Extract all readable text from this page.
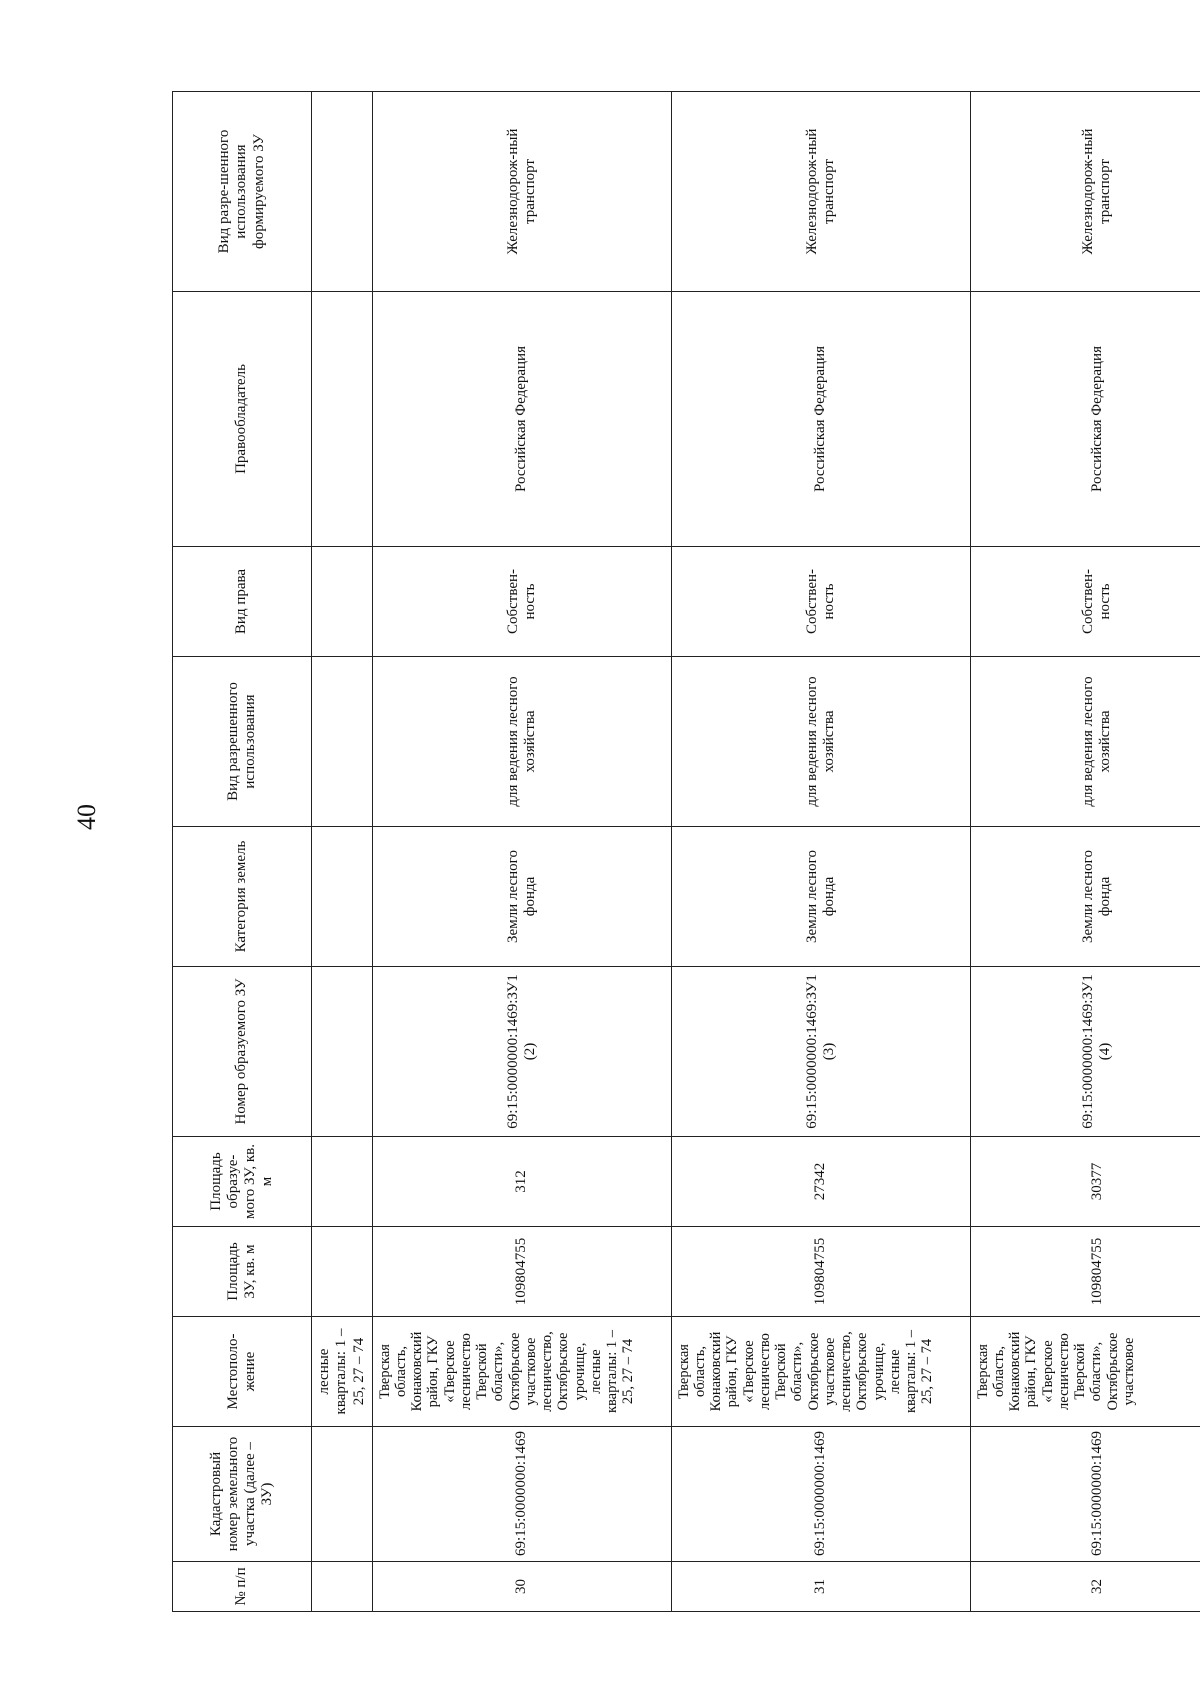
40
№ п/п	Кадастровый номер земельного участка (далее – ЗУ)	Местополо-жение	Площадь ЗУ, кв. м	Площадь образуе-мого ЗУ, кв. м	Номер образуемого ЗУ	Категория земель	Вид разрешенного использования	Вид права	Правообладатель	Вид разре-шенного использования формируемого ЗУ
		лесные кварталы: 1 – 25, 27 – 74								
30	69:15:0000000:1469	Тверская область, Конаковский район, ГКУ «Тверское лесничество Тверской области», Октябрьское участковое лесничество, Октябрьское урочище, лесные кварталы: 1 – 25, 27 – 74	109804755	312	69:15:0000000:1469:ЗУ1 (2)	Земли лесного фонда	для ведения лесного хозяйства	Собствен-ность	Российская Федерация	Железнодорож-ный транспорт
31	69:15:0000000:1469	Тверская область, Конаковский район, ГКУ «Тверское лесничество Тверской области», Октябрьское участковое лесничество, Октябрьское урочище, лесные кварталы: 1 – 25, 27 – 74	109804755	27342	69:15:0000000:1469:ЗУ1 (3)	Земли лесного фонда	для ведения лесного хозяйства	Собствен-ность	Российская Федерация	Железнодорож-ный транспорт
32	69:15:0000000:1469	Тверская область, Конаковский район, ГКУ «Тверское лесничество Тверской области», Октябрьское участковое	109804755	30377	69:15:0000000:1469:ЗУ1 (4)	Земли лесного фонда	для ведения лесного хозяйства	Собствен-ность	Российская Федерация	Железнодорож-ный транспорт
